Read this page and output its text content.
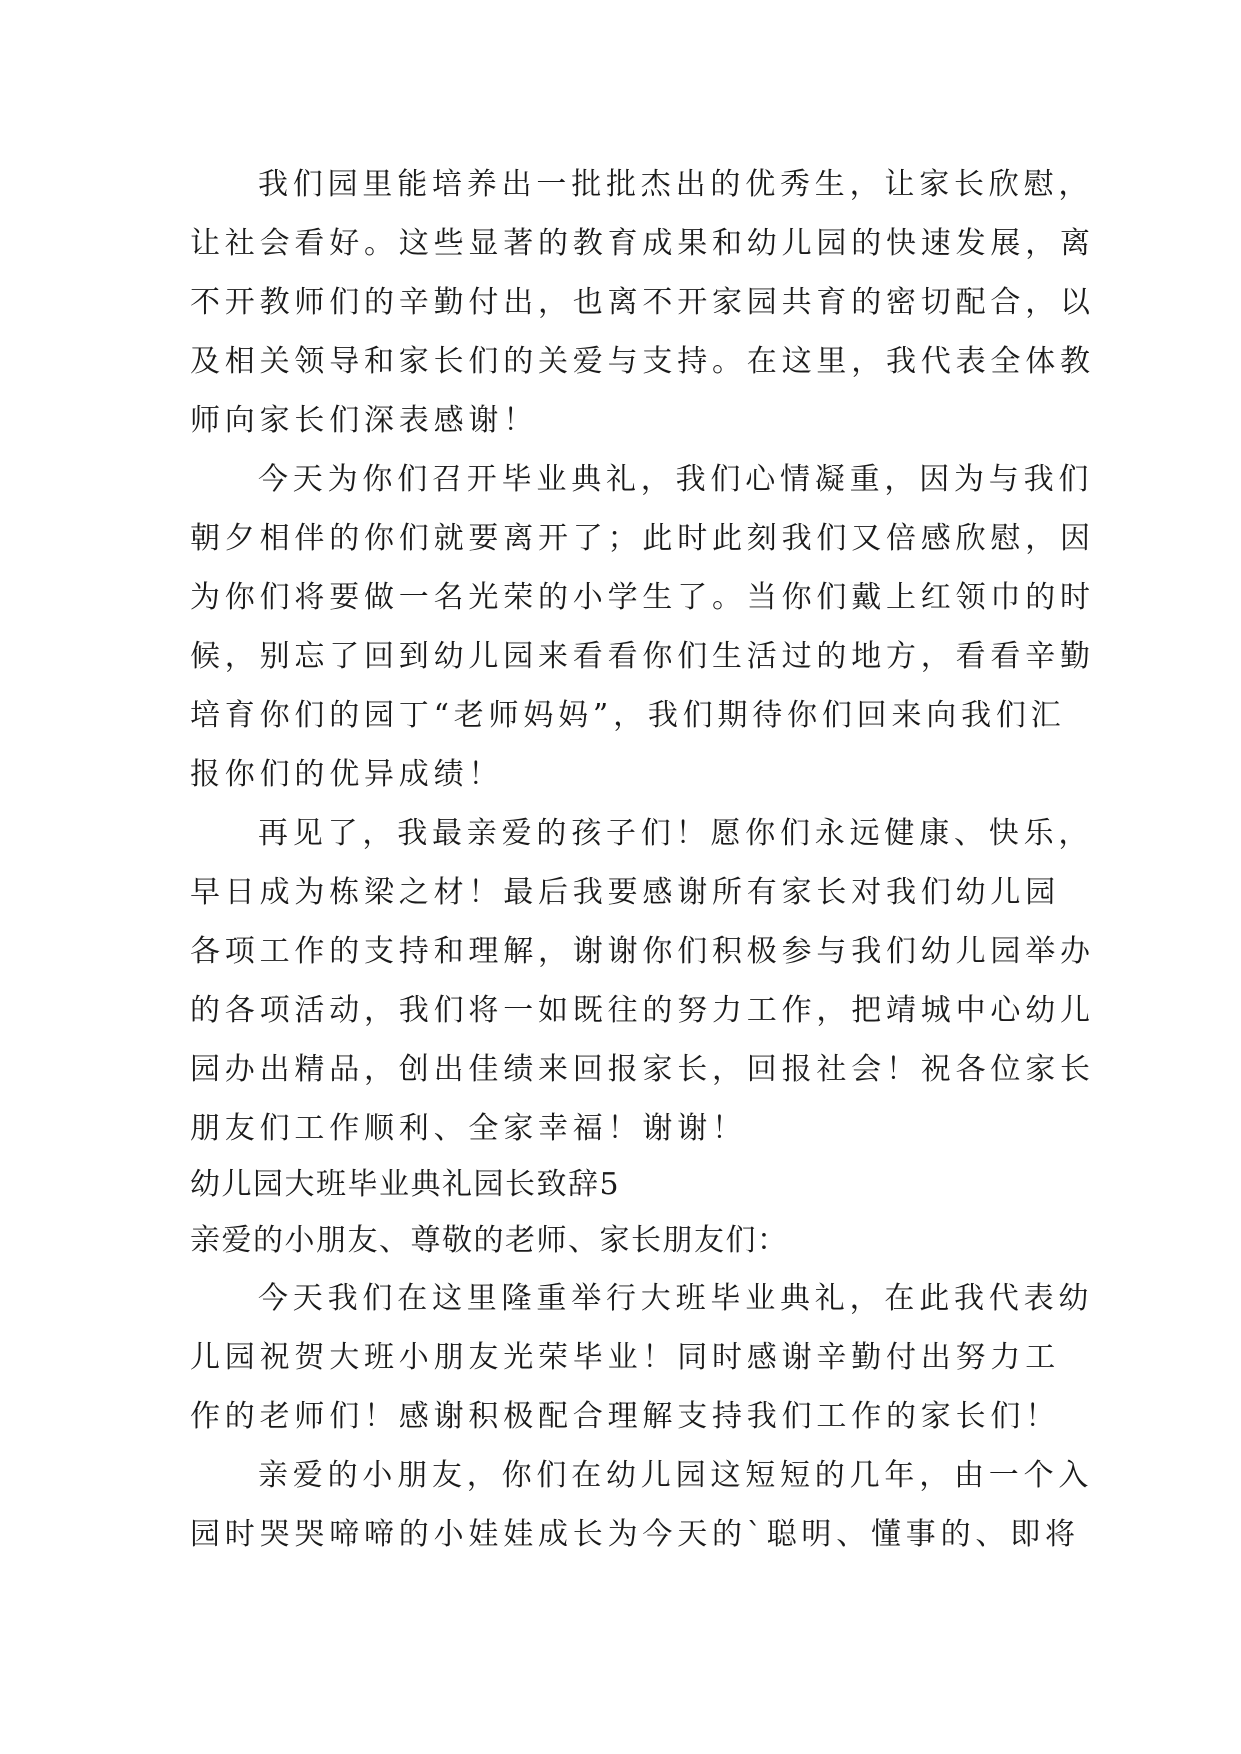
我们园里能培养出一批批杰出的优秀生，让家长欣慰，
让社会看好。这些显著的教育成果和幼儿园的快速发展，离
不开教师们的辛勤付出，也离不开家园共育的密切配合，以
及相关领导和家长们的关爱与支持。在这里，我代表全体教
师向家长们深表感谢！
今天为你们召开毕业典礼，我们心情凝重，因为与我们
朝夕相伴的你们就要离开了；此时此刻我们又倍感欣慰，因
为你们将要做一名光荣的小学生了。当你们戴上红领巾的时
候，别忘了回到幼儿园来看看你们生活过的地方，看看辛勤
培育你们的园丁“老师妈妈”，我们期待你们回来向我们汇
报你们的优异成绩！
再见了，我最亲爱的孩子们！愿你们永远健康、快乐，
早日成为栋梁之材！最后我要感谢所有家长对我们幼儿园
各项工作的支持和理解，谢谢你们积极参与我们幼儿园举办
的各项活动，我们将一如既往的努力工作，把靖城中心幼儿
园办出精品，创出佳绩来回报家长，回报社会！祝各位家长
朋友们工作顺利、全家幸福！谢谢！
幼儿园大班毕业典礼园长致辞5
亲爱的小朋友、尊敬的老师、家长朋友们：
今天我们在这里隆重举行大班毕业典礼，在此我代表幼
儿园祝贺大班小朋友光荣毕业！同时感谢辛勤付出努力工
作的老师们！感谢积极配合理解支持我们工作的家长们！
亲爱的小朋友，你们在幼儿园这短短的几年，由一个入
园时哭哭啼啼的小娃娃成长为今天的`聪明、懂事的、即将
